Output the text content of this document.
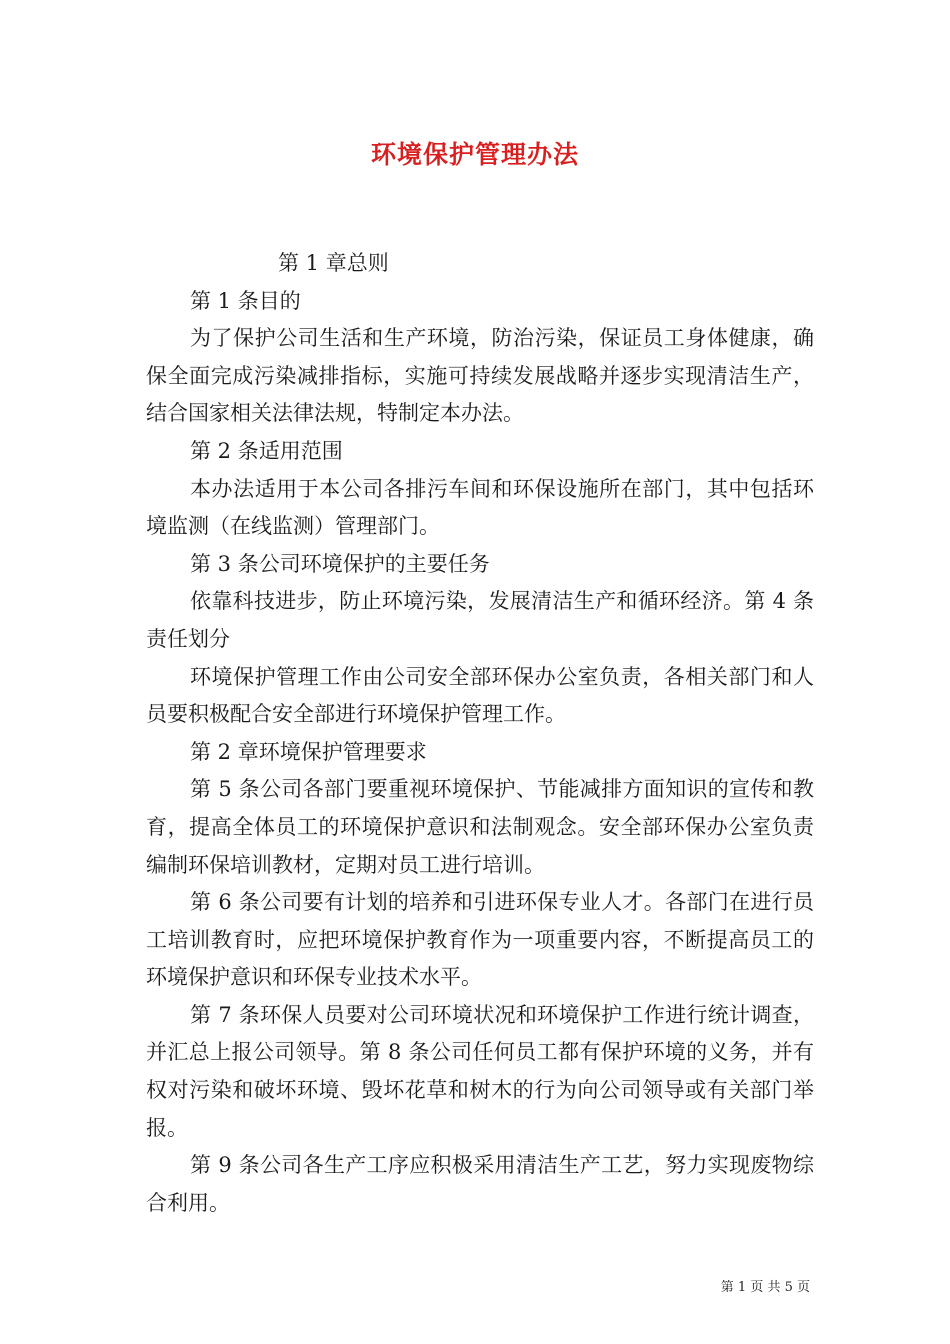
环境保护管理办法

第 1 章总则

第 1 条目的

为了保护公司生活和生产环境，防治污染，保证员工身体健康，确保全面完成污染减排指标，实施可持续发展战略并逐步实现清洁生产，结合国家相关法律法规，特制定本办法。

第 2 条适用范围

本办法适用于本公司各排污车间和环保设施所在部门，其中包括环境监测（在线监测）管理部门。

第 3 条公司环境保护的主要任务

依靠科技进步，防止环境污染，发展清洁生产和循环经济。第 4 条责任划分

环境保护管理工作由公司安全部环保办公室负责，各相关部门和人员要积极配合安全部进行环境保护管理工作。

第 2 章环境保护管理要求

第 5 条公司各部门要重视环境保护、节能减排方面知识的宣传和教育，提高全体员工的环境保护意识和法制观念。安全部环保办公室负责编制环保培训教材，定期对员工进行培训。

第 6 条公司要有计划的培养和引进环保专业人才。各部门在进行员工培训教育时，应把环境保护教育作为一项重要内容，不断提高员工的环境保护意识和环保专业技术水平。

第 7 条环保人员要对公司环境状况和环境保护工作进行统计调查，并汇总上报公司领导。第 8 条公司任何员工都有保护环境的义务，并有权对污染和破坏环境、毁坏花草和树木的行为向公司领导或有关部门举报。

第 9 条公司各生产工序应积极采用清洁生产工艺，努力实现废物综合利用。

第 1 页 共 5 页
